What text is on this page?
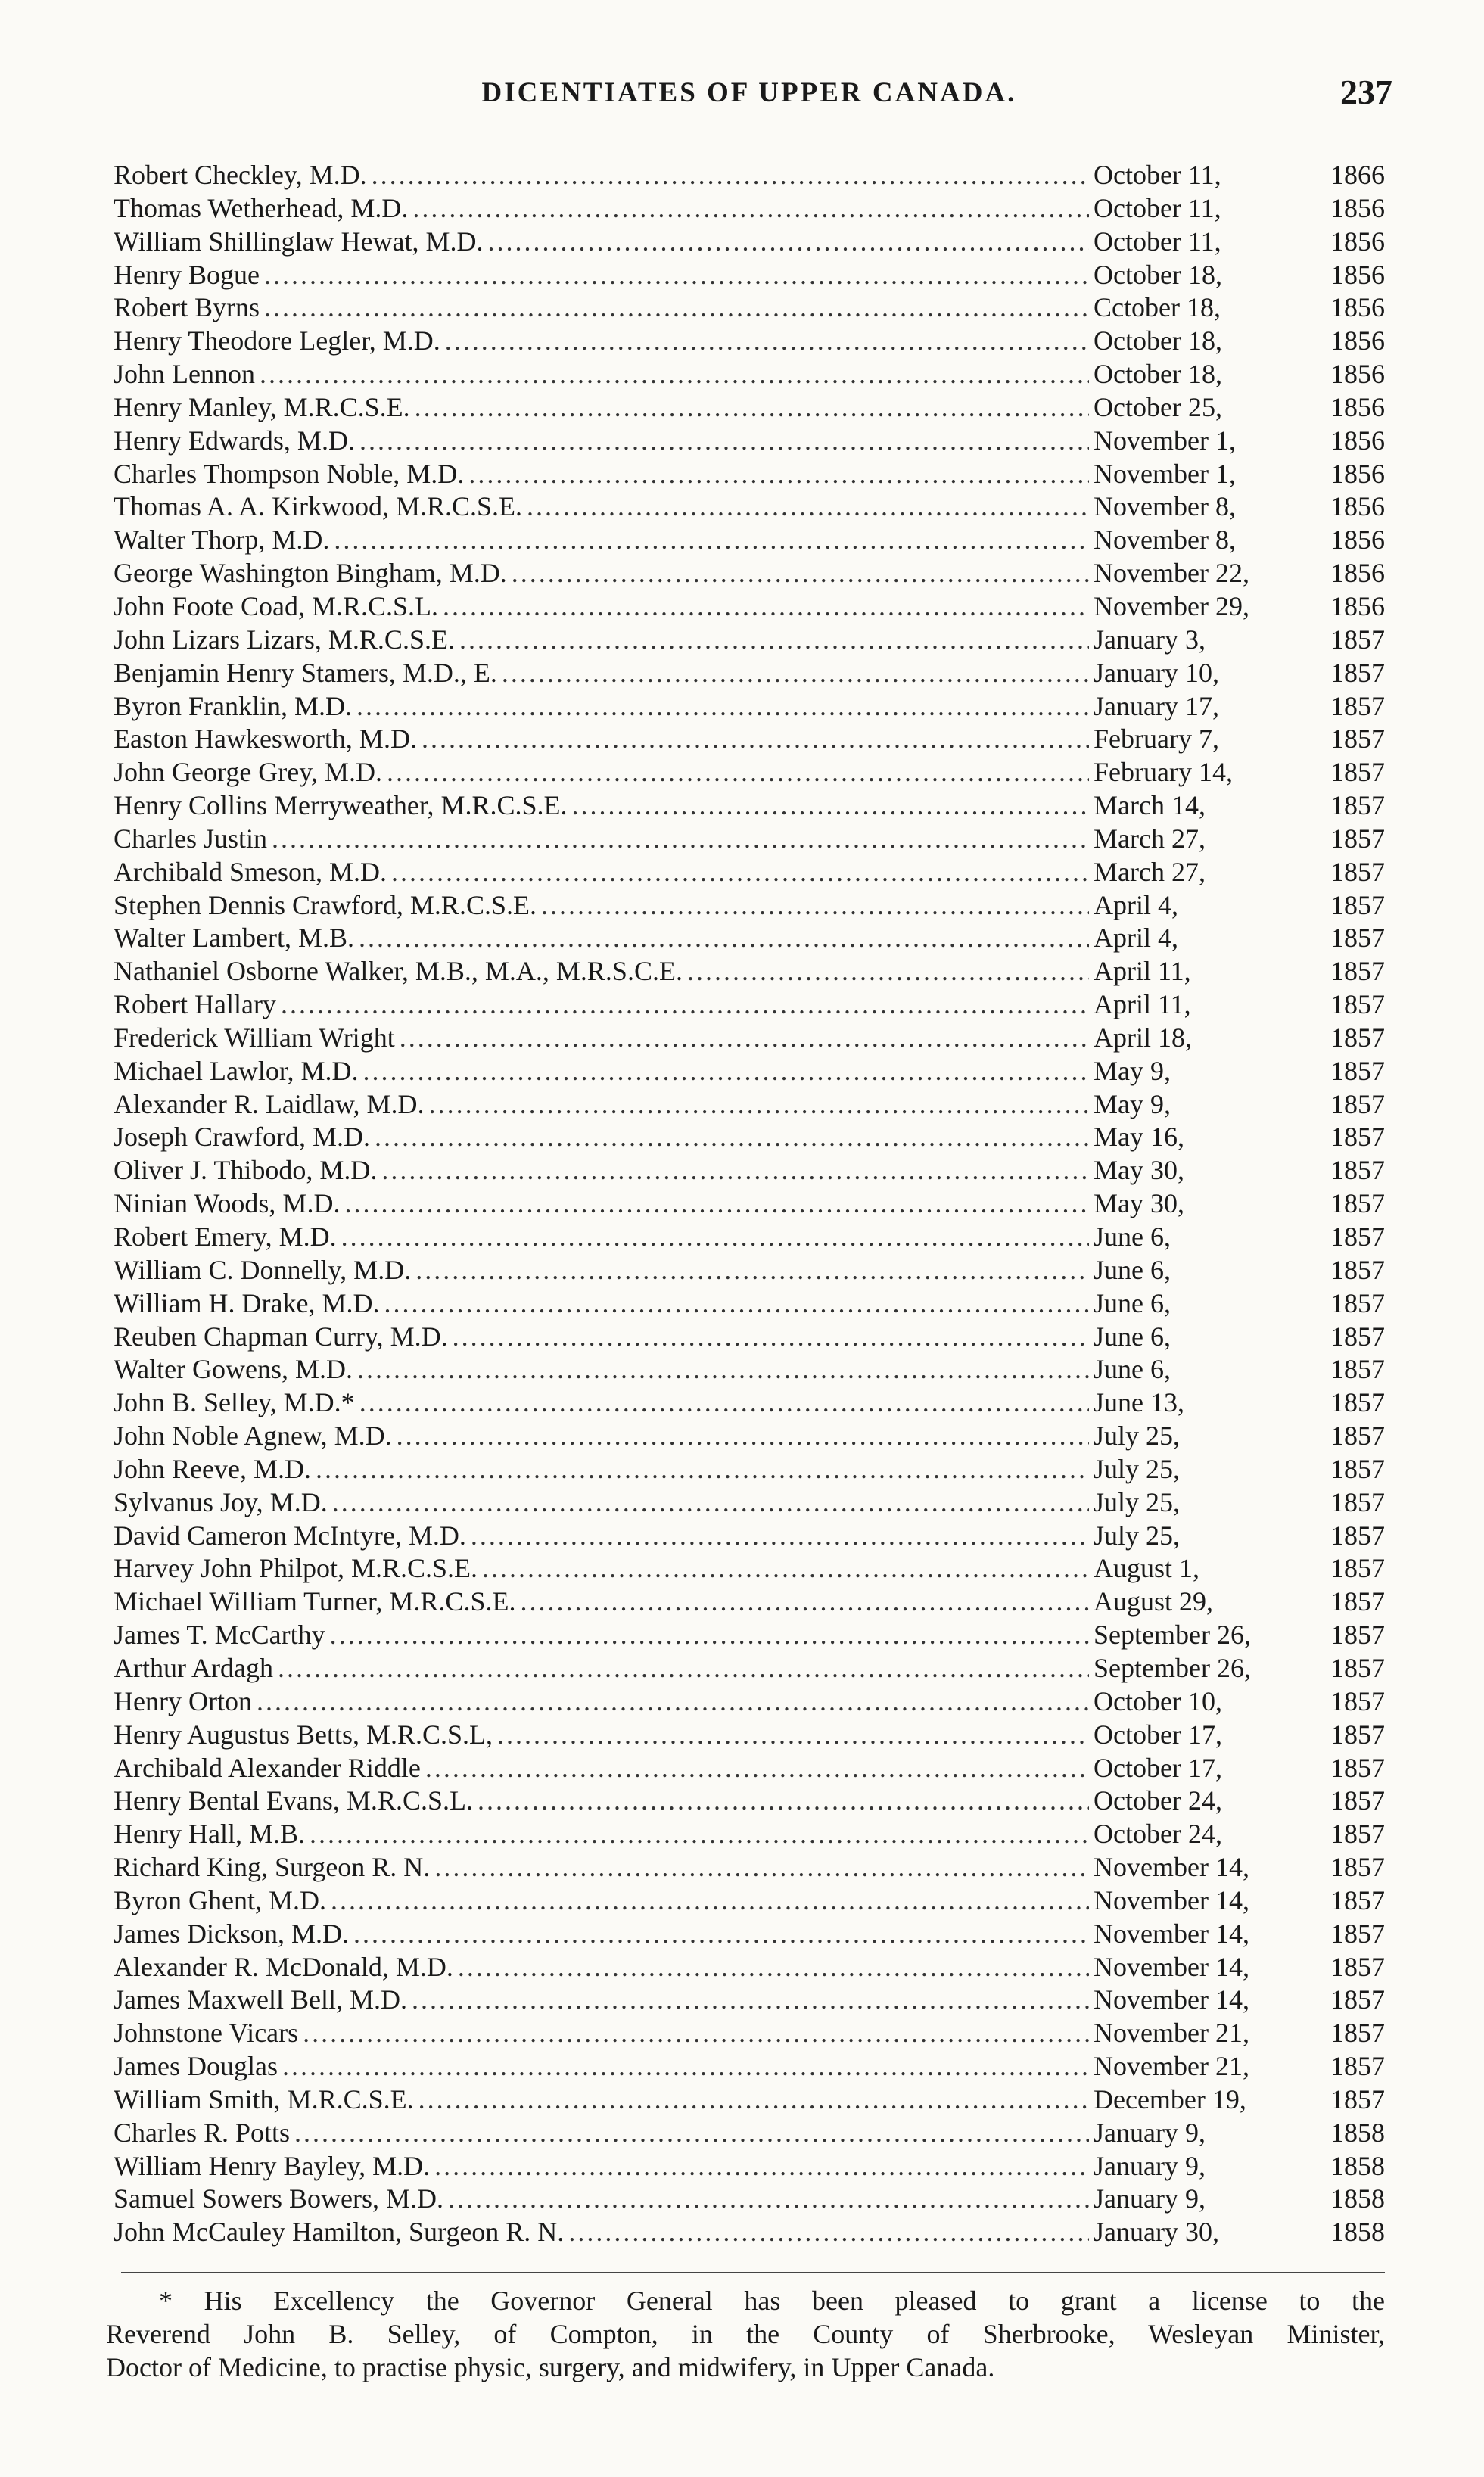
DICENTIATES OF UPPER CANADA.	237
Robert Checkley, M.D. .....	October 11,	1866
Thomas Wetherhead, M.D. .....	October 11,	1856
William Shillinglaw Hewat, M.D. .....	October 11,	1856
Henry Bogue .....	October 18,	1856
Robert Byrns .....	Cctober 18,	1856
Henry Theodore Legler, M.D. .....	October 18,	1856
John Lennon .....	October 18,	1856
Henry Manley, M.R.C.S.E. .....	October 25,	1856
Henry Edwards, M.D. .....	November 1,	1856
Charles Thompson Noble, M.D. .....	November 1,	1856
Thomas A. A. Kirkwood, M.R.C.S.E. .....	November 8,	1856
Walter Thorp, M.D. .....	November 8,	1856
George Washington Bingham, M.D. .....	November 22,	1856
John Foote Coad, M.R.C.S.L. .....	November 29,	1856
John Lizars Lizars, M.R.C.S.E. .....	January 3,	1857
Benjamin Henry Stamers, M.D., E. .....	January 10,	1857
Byron Franklin, M.D. .....	January 17,	1857
Easton Hawkesworth, M.D. .....	February 7,	1857
John George Grey, M.D. .....	February 14,	1857
Henry Collins Merryweather, M.R.C.S.E. .....	March 14,	1857
Charles Justin .....	March 27,	1857
Archibald Smeson, M.D. .....	March 27,	1857
Stephen Dennis Crawford, M.R.C.S.E. .....	April 4,	1857
Walter Lambert, M.B. .....	April 4,	1857
Nathaniel Osborne Walker, M.B., M.A., M.R.S.C.E. .....	April 11,	1857
Robert Hallary .....	April 11,	1857
Frederick William Wright .....	April 18,	1857
Michael Lawlor, M.D. .....	May 9,	1857
Alexander R. Laidlaw, M.D. .....	May 9,	1857
Joseph Crawford, M.D. .....	May 16,	1857
Oliver J. Thibodo, M.D. .....	May 30,	1857
Ninian Woods, M.D. .....	May 30,	1857
Robert Emery, M.D. .....	June 6,	1857
William C. Donnelly, M.D. .....	June 6,	1857
William H. Drake, M.D. .....	June 6,	1857
Reuben Chapman Curry, M.D. .....	June 6,	1857
Walter Gowens, M.D. .....	June 6,	1857
John B. Selley, M.D.* .....	June 13,	1857
John Noble Agnew, M.D. .....	July 25,	1857
John Reeve, M.D. .....	July 25,	1857
Sylvanus Joy, M.D. .....	July 25,	1857
David Cameron McIntyre, M.D. .....	July 25,	1857
Harvey John Philpot, M.R.C.S.E. .....	August 1,	1857
Michael William Turner, M.R.C.S.E. .....	August 29,	1857
James T. McCarthy .....	September 26,	1857
Arthur Ardagh .....	September 26,	1857
Henry Orton .....	October 10,	1857
Henry Augustus Betts, M.R.C.S.L, .....	October 17,	1857
Archibald Alexander Riddle .....	October 17,	1857
Henry Bental Evans, M.R.C.S.L. .....	October 24,	1857
Henry Hall, M.B. .....	October 24,	1857
Richard King, Surgeon R. N. .....	November 14,	1857
Byron Ghent, M.D. .....	November 14,	1857
James Dickson, M.D. .....	November 14,	1857
Alexander R. McDonald, M.D. .....	November 14,	1857
James Maxwell Bell, M.D. .....	November 14,	1857
Johnstone Vicars .....	November 21,	1857
James Douglas .....	November 21,	1857
William Smith, M.R.C.S.E. .....	December 19,	1857
Charles R. Potts .....	January 9,	1858
William Henry Bayley, M.D. .....	January 9,	1858
Samuel Sowers Bowers, M.D. .....	January 9,	1858
John McCauley Hamilton, Surgeon R. N. .....	January 30,	1858
* His Excellency the Governor General has been pleased to grant a license to the
Reverend John B. Selley, of Compton, in the County of Sherbrooke, Wesleyan Minister,
Doctor of Medicine, to practise physic, surgery, and midwifery, in Upper Canada.
